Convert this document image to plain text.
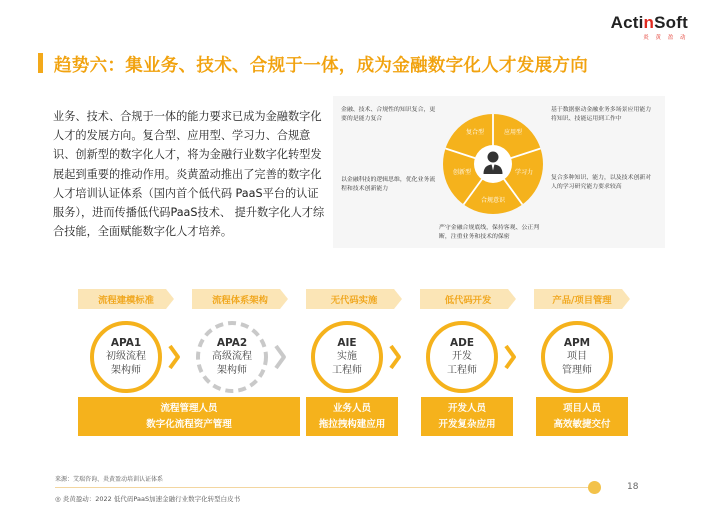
ActinSoft
炎 黄 盈 动
趋势六：集业务、技术、合规于一体，成为金融数字化人才发展方向
业务、技术、合规于一体的能力要求已成为金融数字化人才的发展方向。复合型、应用型、学习力、合规意识、创新型的数字化人才，将为金融行业数字化转型发展起到重要的推动作用。炎黄盈动推出了完善的数字化人才培训认证体系（国内首个低代码 PaaS平台的认证服务），进而传播低代码PaaS技术、 提升数字化人才综合技能，全面赋能数字化人才培养。
复合型	应用型
学习力
合规意识
创新型
金融、技术、合规性的知识复合，更要的是能力复合
基于数据驱动金融业务多场景应用能力将知识、技能运用到工作中
以金融科技的逻辑思维，优化业务流程和技术创新能力
复合多种知识、能力，以及技术创新对人的学习研究能力要求较高
严守金融合规底线，保持客观、公正判断，注重业务和技术的保密
流程建模标准	流程体系架构	无代码实施	低代码开发	产品/项目管理
APA1
初级流程
架构师
APA2
高级流程
架构师
AIE
实施
工程师
ADE
开发
工程师
APM
项目
管理师
流程管理人员
数字化流程资产管理
业务人员
拖拉拽构建应用
开发人员
开发复杂应用
项目人员
高效敏捷交付
来源：艾瑞咨询、炎黄盈动培训认证体系
18
◎ 炎黄盈动：2022 低代码PaaS加速金融行业数字化转型白皮书
